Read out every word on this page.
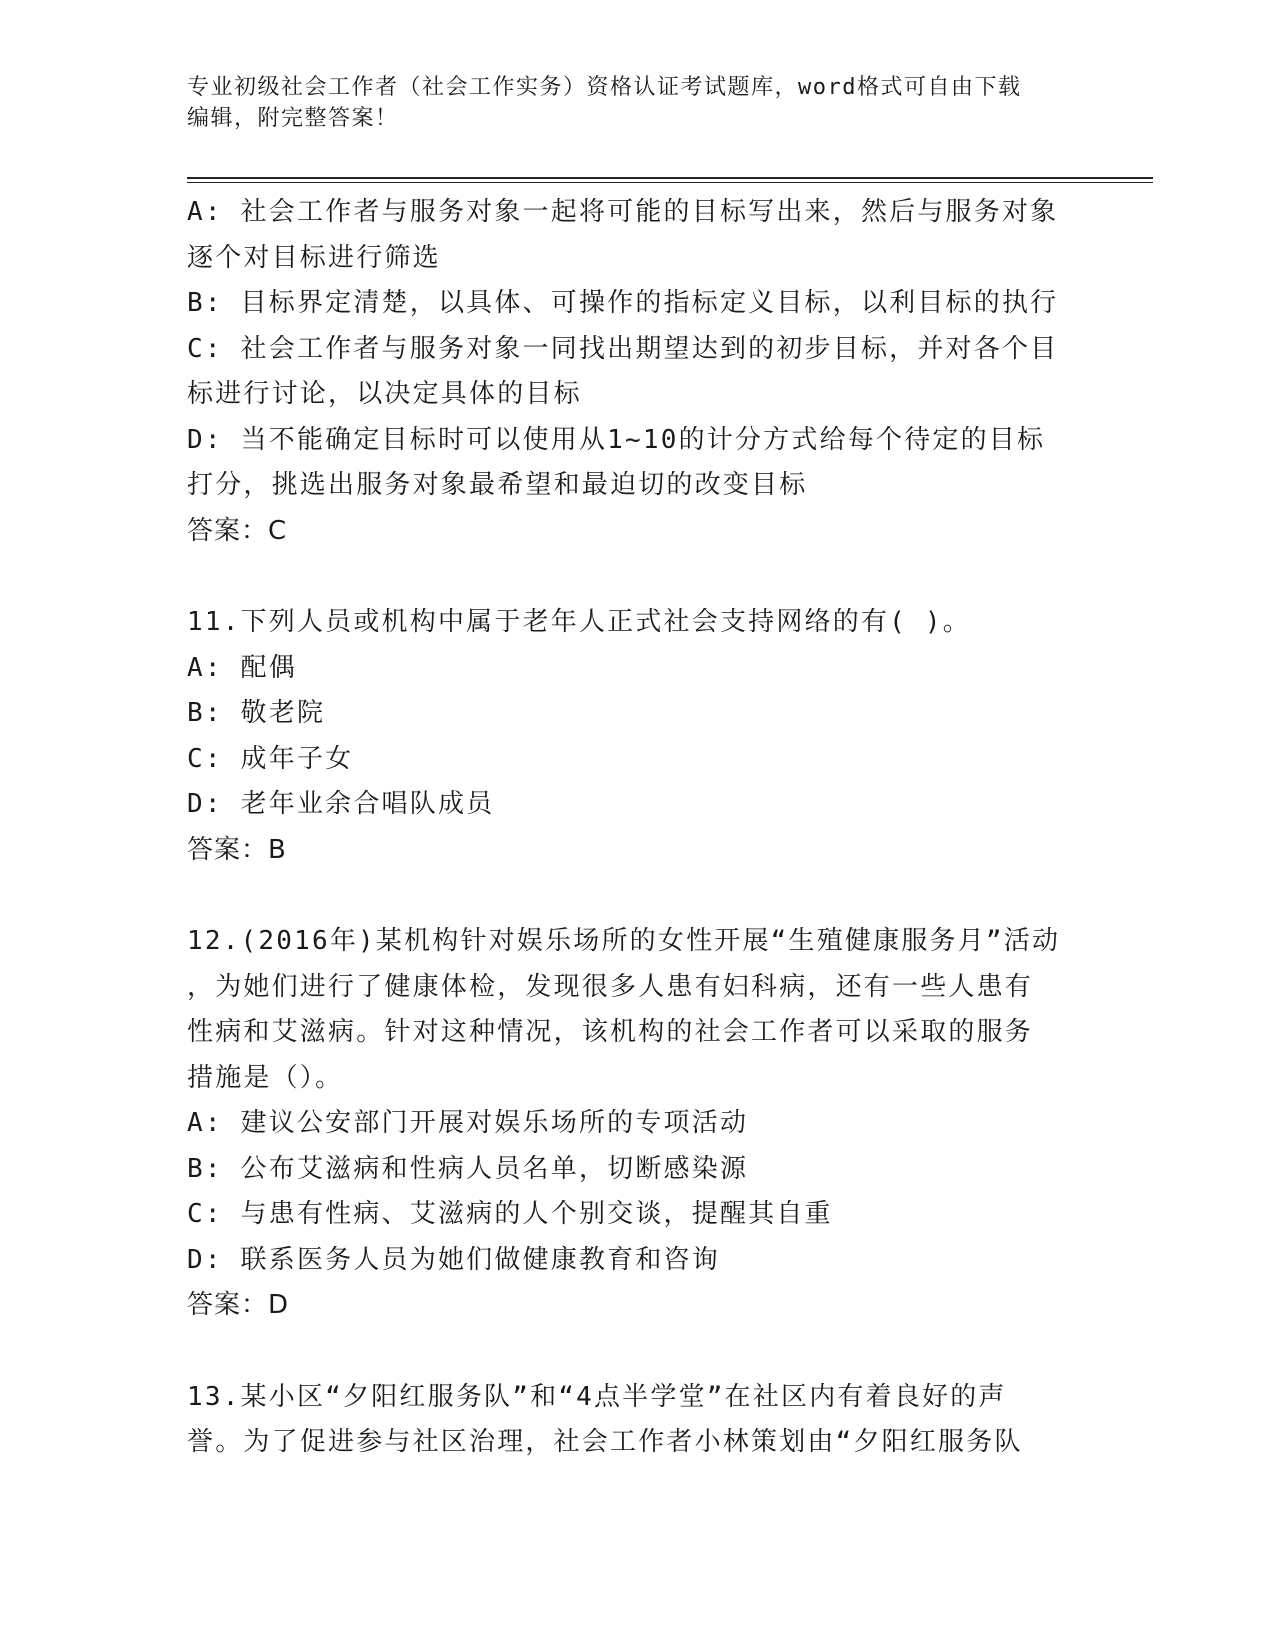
专业初级社会工作者（社会工作实务）资格认证考试题库，word格式可自由下载
编辑，附完整答案！
A: 社会工作者与服务对象一起将可能的目标写出来，然后与服务对象
逐个对目标进行筛选
B: 目标界定清楚，以具体、可操作的指标定义目标，以利目标的执行
C: 社会工作者与服务对象一同找出期望达到的初步目标，并对各个目
标进行讨论，以决定具体的目标
D: 当不能确定目标时可以使用从1~10的计分方式给每个待定的目标
打分，挑选出服务对象最希望和最迫切的改变目标
答案：C
11.下列人员或机构中属于老年人正式社会支持网络的有( )。
A: 配偶
B: 敬老院
C: 成年子女
D: 老年业余合唱队成员
答案：B
12.(2016年)某机构针对娱乐场所的女性开展“生殖健康服务月”活动
，为她们进行了健康体检，发现很多人患有妇科病，还有一些人患有
性病和艾滋病。针对这种情况，该机构的社会工作者可以采取的服务
措施是（）。
A: 建议公安部门开展对娱乐场所的专项活动
B: 公布艾滋病和性病人员名单，切断感染源
C: 与患有性病、艾滋病的人个别交谈，提醒其自重
D: 联系医务人员为她们做健康教育和咨询
答案：D
13.某小区“夕阳红服务队”和“4点半学堂”在社区内有着良好的声
誉。为了促进参与社区治理，社会工作者小林策划由“夕阳红服务队
